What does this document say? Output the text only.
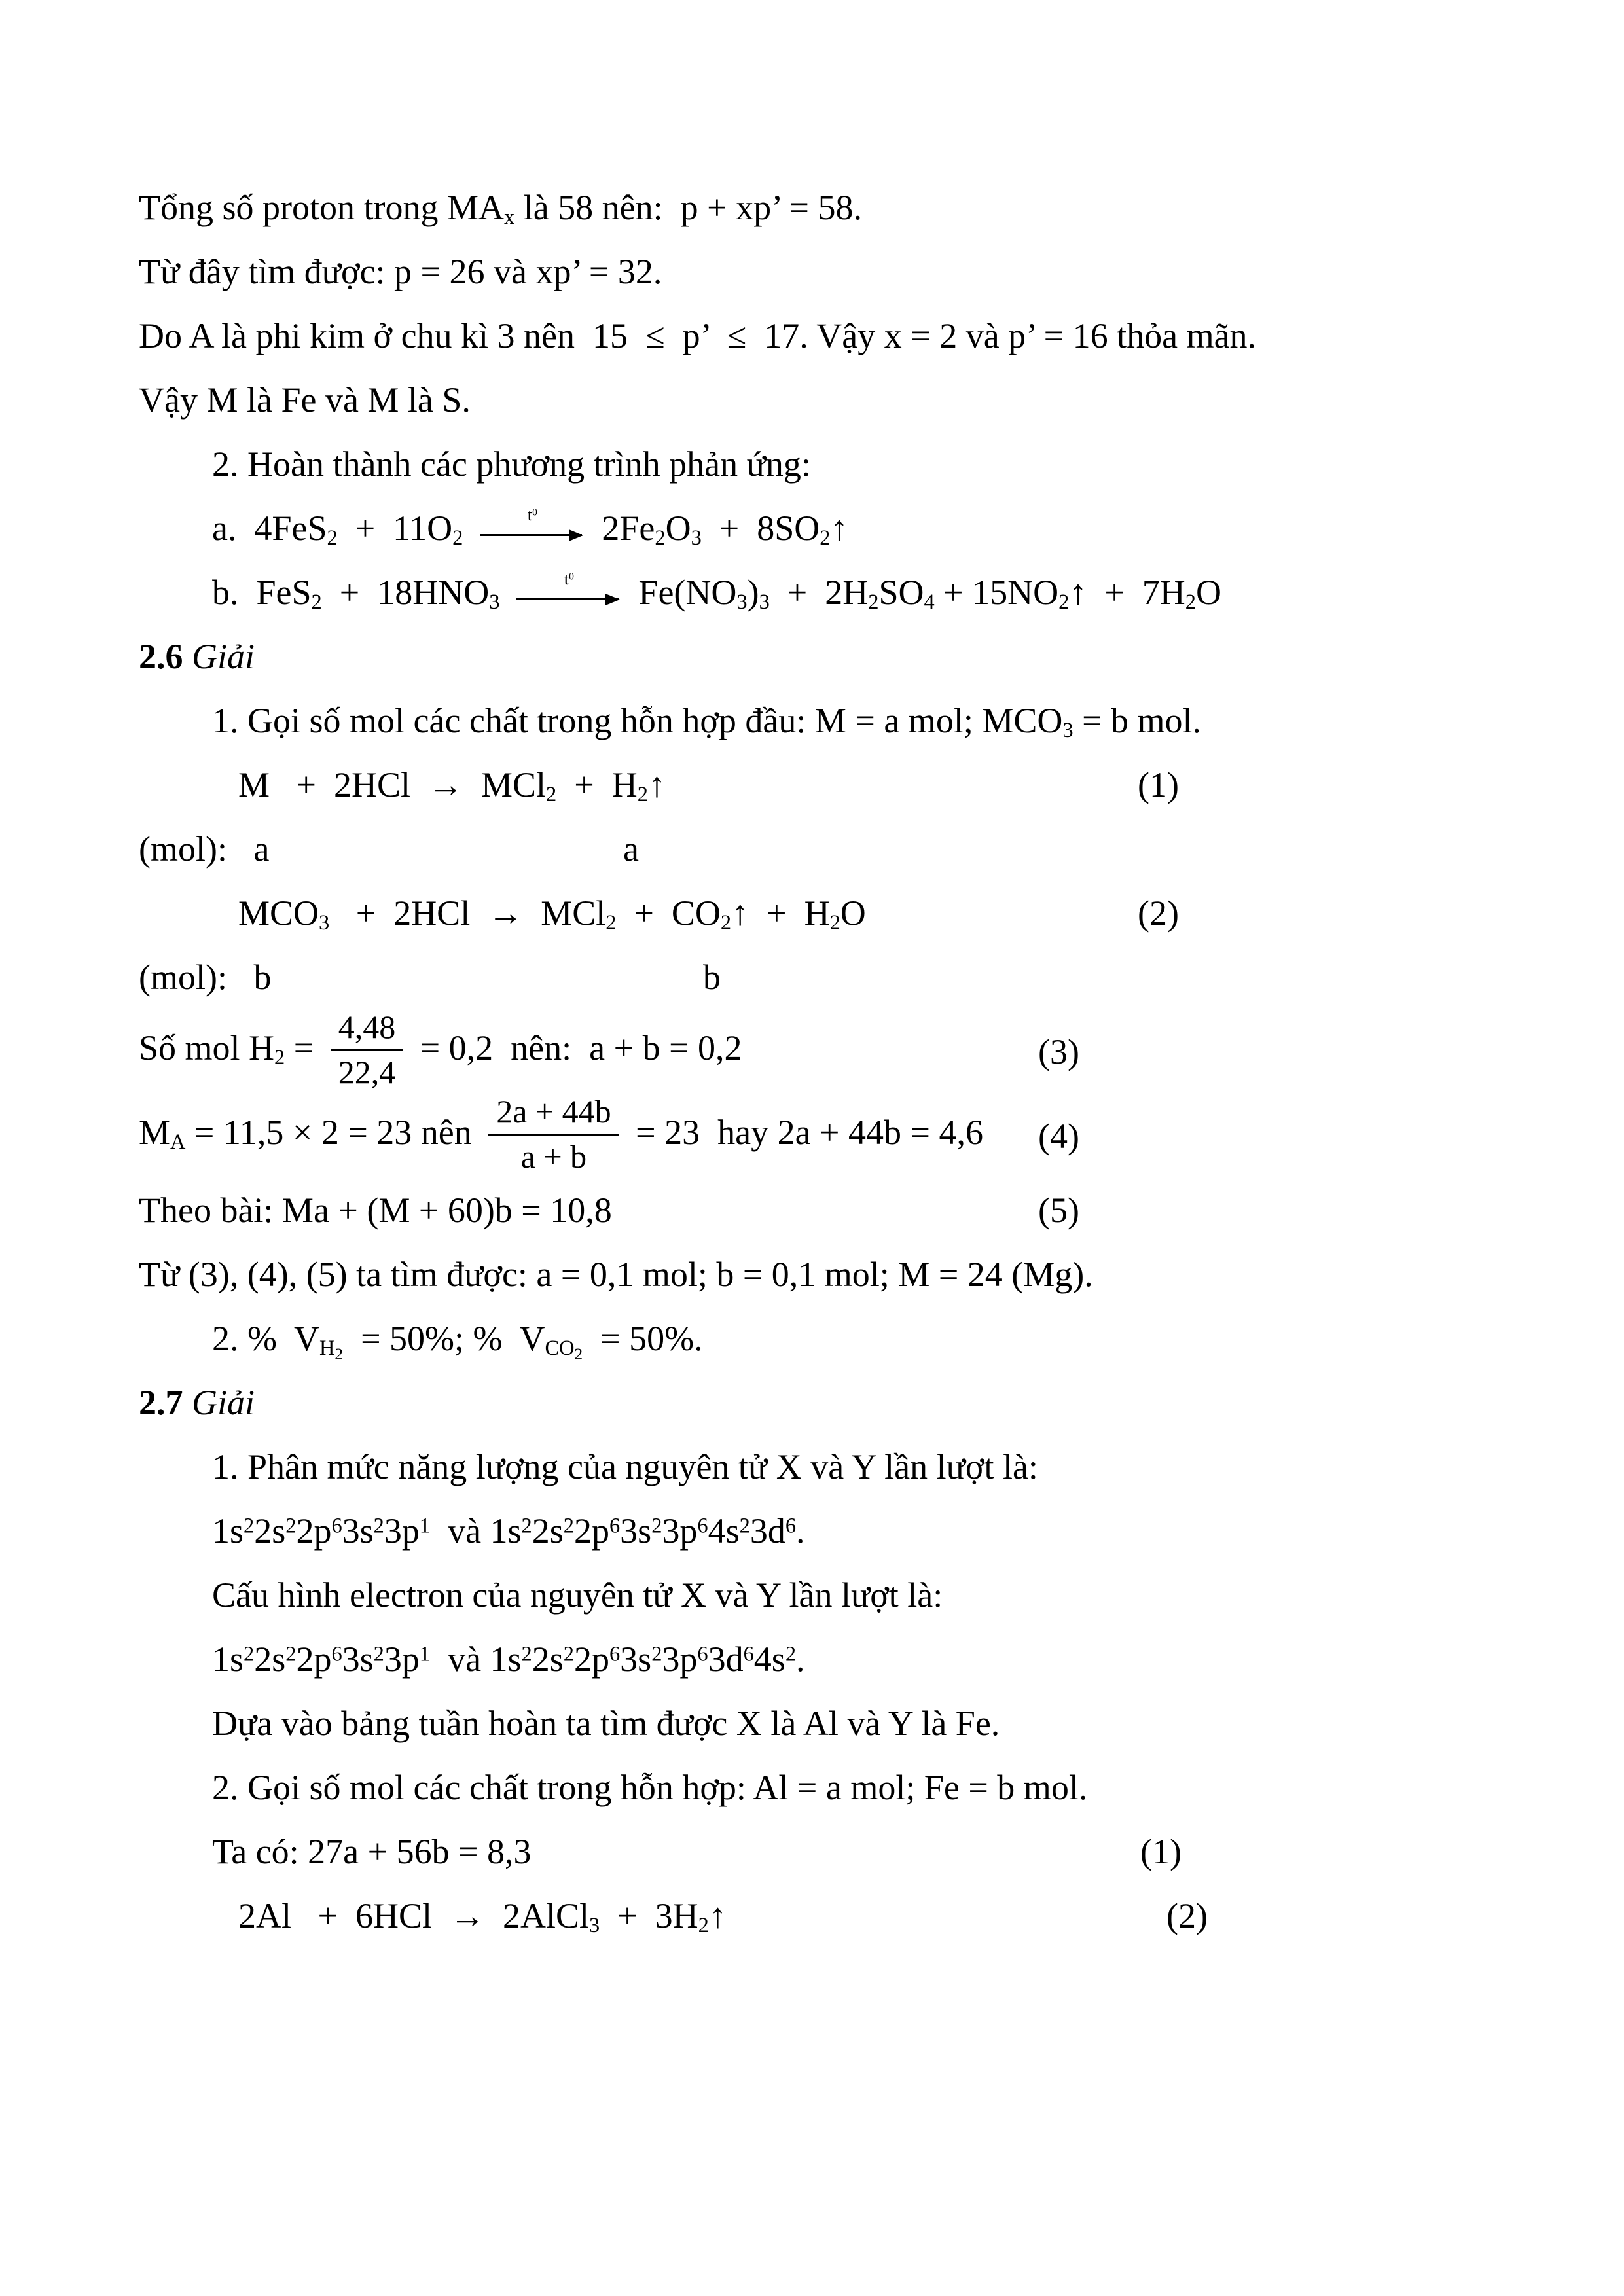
Tổng số proton trong $MA_x$ là 58 nên:  p + xp’ = 58.
Từ đây tìm được: p = 26 và xp’ = 32.
Do A là phi kim ở chu kì 3 nên  15  ≤  p’  ≤  17. Vậy x = 2 và p’ = 16 thỏa mãn.
Vậy M là Fe và M là S.
2. Hoàn thành các phương trình phản ứng:
a.  $4FeS_2 + 11O_2$
$t^0$ $2Fe_2O_3$  +  $8SO_2↑$
b.  $FeS_2 + 18HNO_3$
$t^0$ $Fe(NO_3)_3 + 2H_2SO_4$ + $15NO_2↑ + 7H_2O$
2.6 Giải
1. Gọi số mol các chất trong hỗn hợp đầu: M = a mol; $MCO_3 = b$ mol.
$M + 2HCl \to MCl_2 + H_2↑$	(1)
(mol):   a	a
$MCO_3 + 2HCl \to MCl_2$  +  $CO_2↑ + H_2O$	(2)
(mol):   b	b
Số mol $H_2 = \frac{4,48}{22,4} = 0,2$  nên:  a + b = 0,2	(3)
$M_A = 11,5 \times 2 = 23$ nên $\frac{2a + 44b}{a + b} = 23$  hay 2a + 44b = 4,6 (4)
Theo bài: Ma + (M + 60)b = 10,8	(5)
Từ (3), (4), (5) ta tìm được: a = 0,1 mol; b = 0,1 mol; M = 24 (Mg).
2. %  $V_{H_2} = 50\%$; %  $V_{CO_2} = 50\%$.
2.7 Giải
1. Phân mức năng lượng của nguyên tử X và Y lần lượt là:
$1s^22s^22p^63s^23p^1$  và $1s^22s^22p^63s^23p^64s^23d^6$.
Cấu hình electron của nguyên tử X và Y lần lượt là:
$1s^22s^22p^63s^23p^1$  và $1s^22s^22p^63s^23p^63d^64s^2$.
Dựa vào bảng tuần hoàn ta tìm được X là Al và Y là Fe.
2. Gọi số mol các chất trong hỗn hợp: Al = a mol; Fe = b mol.
Ta có: 27a + 56b = 8,3	(1)
2Al   +  6HCl  →  2AlCl$_3$  +  $3H_2↑$	(2)
